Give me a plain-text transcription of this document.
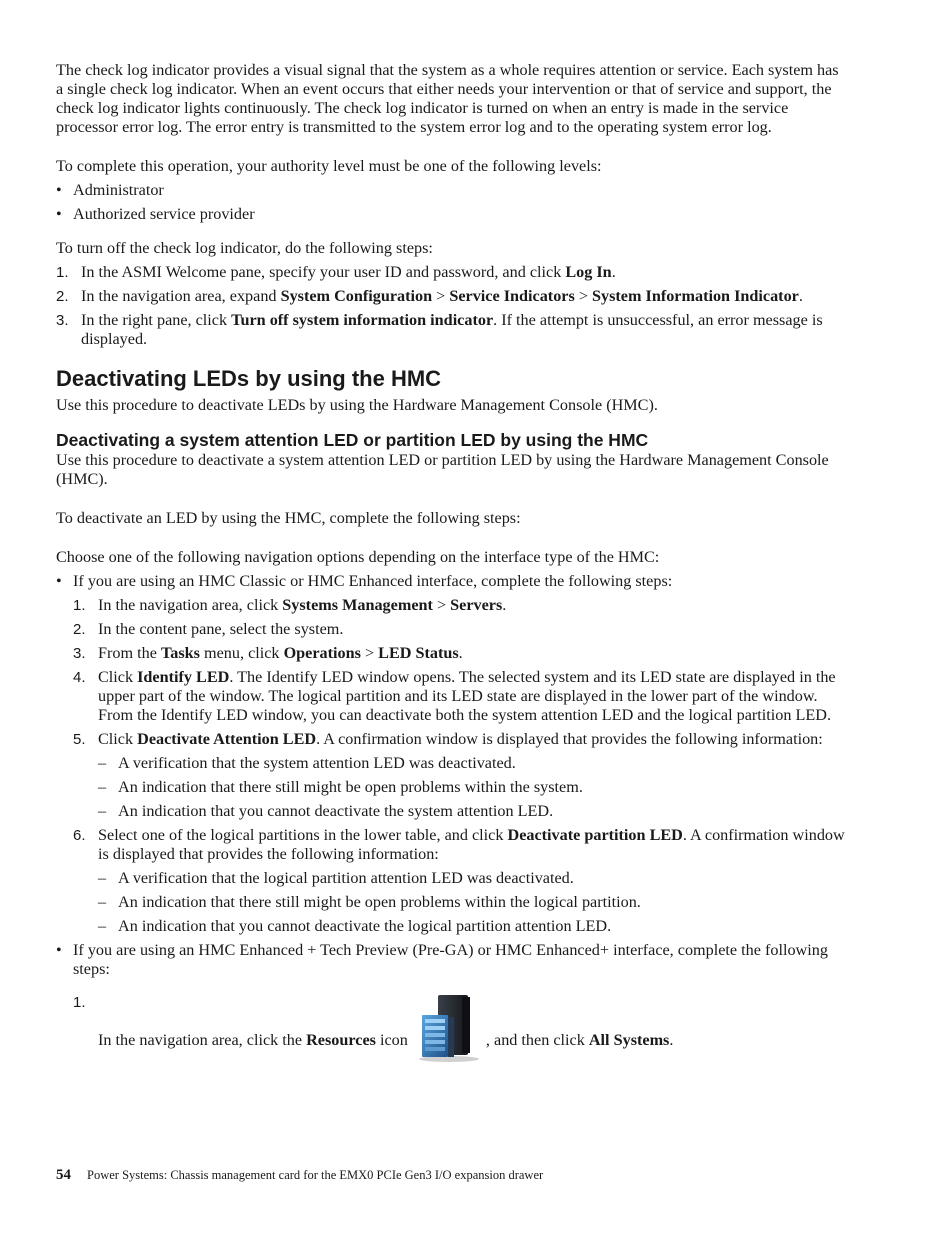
The check log indicator provides a visual signal that the system as a whole requires attention or service. Each system has a single check log indicator. When an event occurs that either needs your intervention or that of service and support, the check log indicator lights continuously. The check log indicator is turned on when an entry is made in the service processor error log. The error entry is transmitted to the system error log and to the operating system error log.

To complete this operation, your authority level must be one of the following levels:

• Administrator
• Authorized service provider

To turn off the check log indicator, do the following steps:

1. In the ASMI Welcome pane, specify your user ID and password, and click Log In.
2. In the navigation area, expand System Configuration > Service Indicators > System Information Indicator.
3. In the right pane, click Turn off system information indicator. If the attempt is unsuccessful, an error message is displayed.
Deactivating LEDs by using the HMC

Use this procedure to deactivate LEDs by using the Hardware Management Console (HMC).

Deactivating a system attention LED or partition LED by using the HMC

Use this procedure to deactivate a system attention LED or partition LED by using the Hardware Management Console (HMC).

To deactivate an LED by using the HMC, complete the following steps:

Choose one of the following navigation options depending on the interface type of the HMC:

• If you are using an HMC Classic or HMC Enhanced interface, complete the following steps:
1. In the navigation area, click Systems Management > Servers.
2. In the content pane, select the system.
3. From the Tasks menu, click Operations > LED Status.
4. Click Identify LED. The Identify LED window opens. The selected system and its LED state are displayed in the upper part of the window. The logical partition and its LED state are displayed in the lower part of the window. From the Identify LED window, you can deactivate both the system attention LED and the logical partition LED.
5. Click Deactivate Attention LED. A confirmation window is displayed that provides the following information:
– A verification that the system attention LED was deactivated.
– An indication that there still might be open problems within the system.
– An indication that you cannot deactivate the system attention LED.
6. Select one of the logical partitions in the lower table, and click Deactivate partition LED. A confirmation window is displayed that provides the following information:
– A verification that the logical partition attention LED was deactivated.
– An indication that there still might be open problems within the logical partition.
– An indication that you cannot deactivate the logical partition attention LED.
• If you are using an HMC Enhanced + Tech Preview (Pre-GA) or HMC Enhanced+ interface, complete the following steps:
1.
In the navigation area, click the Resources icon	, and then click All Systems.
54 Power Systems: Chassis management card for the EMX0 PCIe Gen3 I/O expansion drawer
